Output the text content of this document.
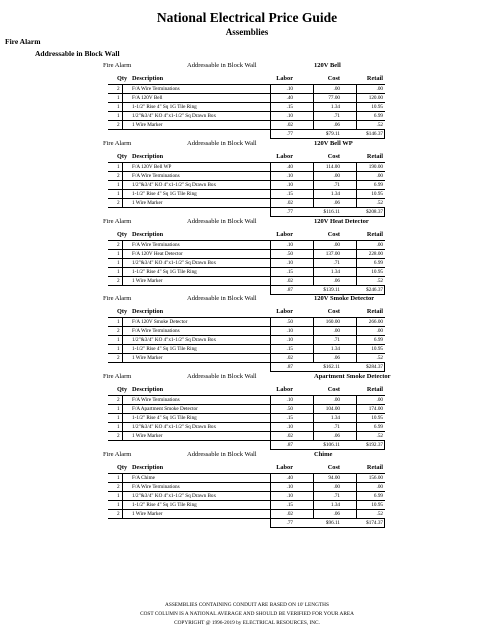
National Electrical Price Guide
Assemblies
Fire Alarm
Addressable in Block Wall
Fire Alarm	Addressable in Block Wall	120V Bell
Qty Description	Labor	Cost	Retail
2 F/A Wire Terminations	.10	.00	.00
1 F/A 120V Bell	.40	77.00	120.00
1 1-1/2" Rise 4" Sq 1G Tile Ring	.15	1.34	10.95
1 1/2"&3/4" KO 4"x1-1/2" Sq Drawn Box	.10	.71	6.99
2 1 Wire Marker	.02	.06	.52
.77	$79.11	$146.37
Fire Alarm	Addressable in Block Wall	120V Bell WP
Qty Description	Labor	Cost	Retail
1 F/A 120V Bell WP	.40	114.00	190.00
2 F/A Wire Terminations	.10	.00	.00
1 1/2"&3/4" KO 4"x1-1/2" Sq Drawn Box	.10	.71	6.99
1 1-1/2" Rise 4" Sq 1G Tile Ring	.15	1.34	10.95
2 1 Wire Marker	.02	.06	.52
.77	$116.11	$208.37
Fire Alarm	Addressable in Block Wall	120V Heat Detector
Qty Description	Labor	Cost	Retail
2 F/A Wire Terminations	.10	.00	.00
1 F/A 120V Heat Detector	.50	137.00	228.00
1 1/2"&3/4" KO 4"x1-1/2" Sq Drawn Box	.10	.71	6.99
1 1-1/2" Rise 4" Sq 1G Tile Ring	.15	1.34	10.95
2 1 Wire Marker	.02	.06	.52
.87	$139.11	$246.37
Fire Alarm	Addressable in Block Wall	120V Smoke Detector
Qty Description	Labor	Cost	Retail
1 F/A 120V Smoke Detector	.50	160.00	266.00
2 F/A Wire Terminations	.10	.00	.00
1 1/2"&3/4" KO 4"x1-1/2" Sq Drawn Box	.10	.71	6.99
1 1-1/2" Rise 4" Sq 1G Tile Ring	.15	1.34	10.95
2 1 Wire Marker	.02	.06	.52
.87	$162.11	$284.37
Fire Alarm	Addressable in Block Wall	Apartment Smoke Detector
Qty Description	Labor	Cost	Retail
2 F/A Wire Terminations	.10	.00	.00
1 F/A Apartment Smoke Detector	.50	104.00	174.00
1 1-1/2" Rise 4" Sq 1G Tile Ring	.15	1.34	10.95
1 1/2"&3/4" KO 4"x1-1/2" Sq Drawn Box	.10	.71	6.99
2 1 Wire Marker	.02	.06	.52
.87	$106.11	$192.37
Fire Alarm	Addressable in Block Wall	Chime
Qty Description	Labor	Cost	Retail
1 F/A Chime	.40	94.00	156.00
2 F/A Wire Terminations	.10	.00	.00
1 1/2"&3/4" KO 4"x1-1/2" Sq Drawn Box	.10	.71	6.99
1 1-1/2" Rise 4" Sq 1G Tile Ring	.15	1.34	10.95
2 1 Wire Marker	.02	.06	.52
.77	$96.11	$174.37
ASSEMBLIES CONTAINING CONDUIT ARE BASED ON 10' LENGTHS
COST COLUMN IS A NATIONAL AVERAGE AND SHOULD BE VERIFIED FOR YOUR AREA
COPYRIGHT @ 1996-2019 by ELECTRICAL RESOURCES, INC.
